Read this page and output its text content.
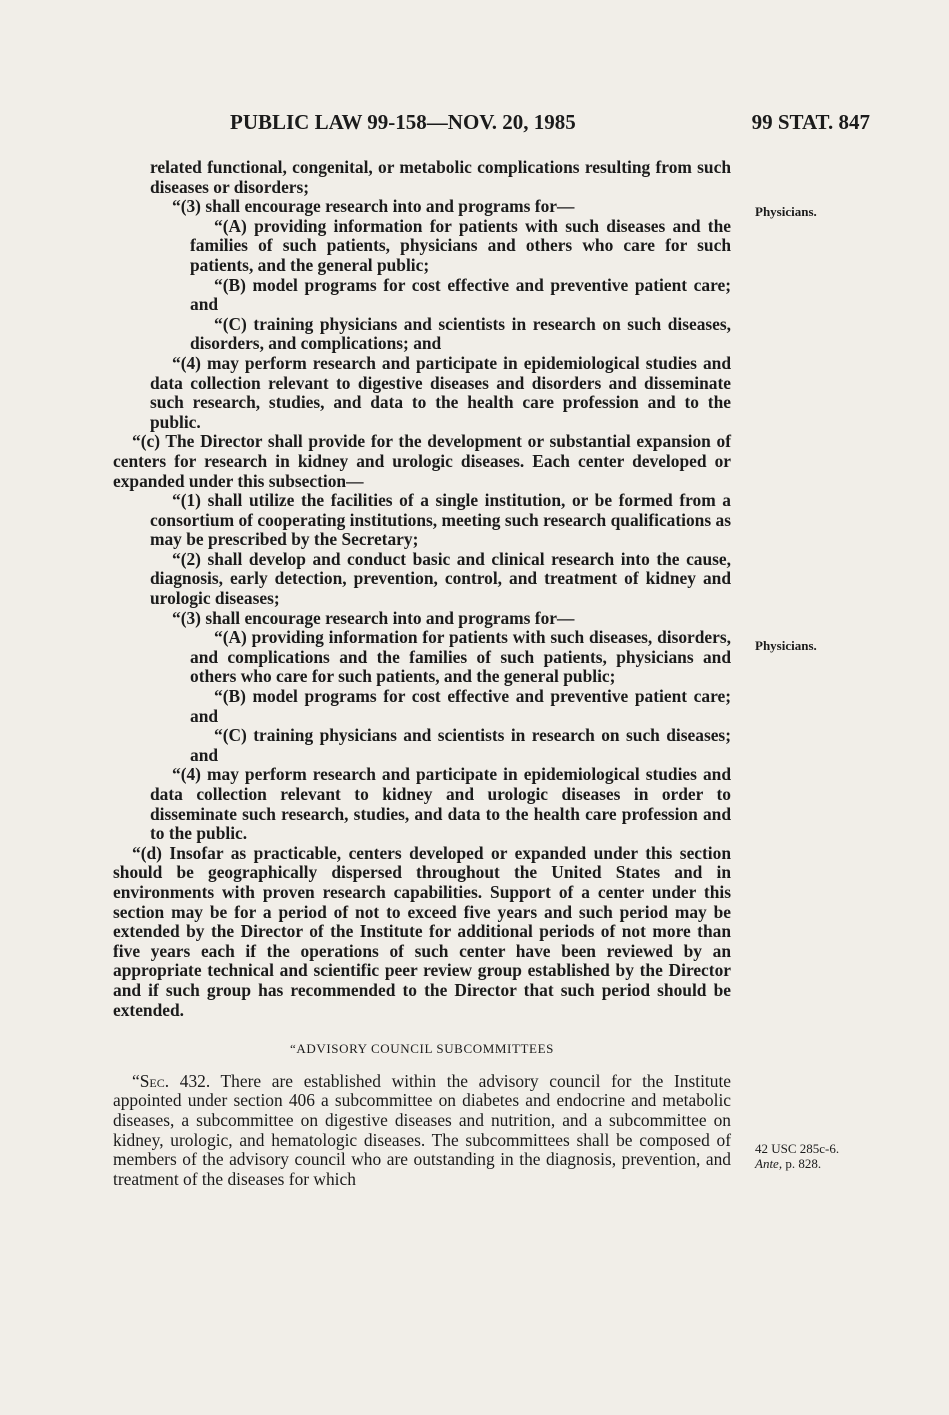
PUBLIC LAW 99-158—NOV. 20, 1985	99 STAT. 847

related functional, congenital, or metabolic complications resulting from such diseases or disorders;

“(3) shall encourage research into and programs for—

“(A) providing information for patients with such diseases and the families of such patients, physicians and others who care for such patients, and the general public;

“(B) model programs for cost effective and preventive patient care; and

“(C) training physicians and scientists in research on such diseases, disorders, and complications; and

“(4) may perform research and participate in epidemiological studies and data collection relevant to digestive diseases and disorders and disseminate such research, studies, and data to the health care profession and to the public.

“(c) The Director shall provide for the development or substantial expansion of centers for research in kidney and urologic diseases. Each center developed or expanded under this subsection—

“(1) shall utilize the facilities of a single institution, or be formed from a consortium of cooperating institutions, meeting such research qualifications as may be prescribed by the Secretary;

“(2) shall develop and conduct basic and clinical research into the cause, diagnosis, early detection, prevention, control, and treatment of kidney and urologic diseases;

“(3) shall encourage research into and programs for—

“(A) providing information for patients with such diseases, disorders, and complications and the families of such patients, physicians and others who care for such patients, and the general public;

“(B) model programs for cost effective and preventive patient care; and

“(C) training physicians and scientists in research on such diseases; and

“(4) may perform research and participate in epidemiological studies and data collection relevant to kidney and urologic diseases in order to disseminate such research, studies, and data to the health care profession and to the public.

“(d) Insofar as practicable, centers developed or expanded under this section should be geographically dispersed throughout the United States and in environments with proven research capabilities. Support of a center under this section may be for a period of not to exceed five years and such period may be extended by the Director of the Institute for additional periods of not more than five years each if the operations of such center have been reviewed by an appropriate technical and scientific peer review group established by the Director and if such group has recommended to the Director that such period should be extended.

“ADVISORY COUNCIL SUBCOMMITTEES

“Sec. 432. There are established within the advisory council for the Institute appointed under section 406 a subcommittee on diabetes and endocrine and metabolic diseases, a subcommittee on digestive diseases and nutrition, and a subcommittee on kidney, urologic, and hematologic diseases. The subcommittees shall be composed of members of the advisory council who are outstanding in the diagnosis, prevention, and treatment of the diseases for which

Physicians.
Physicians.
42 USC 285c-6.
Ante, p. 828.
